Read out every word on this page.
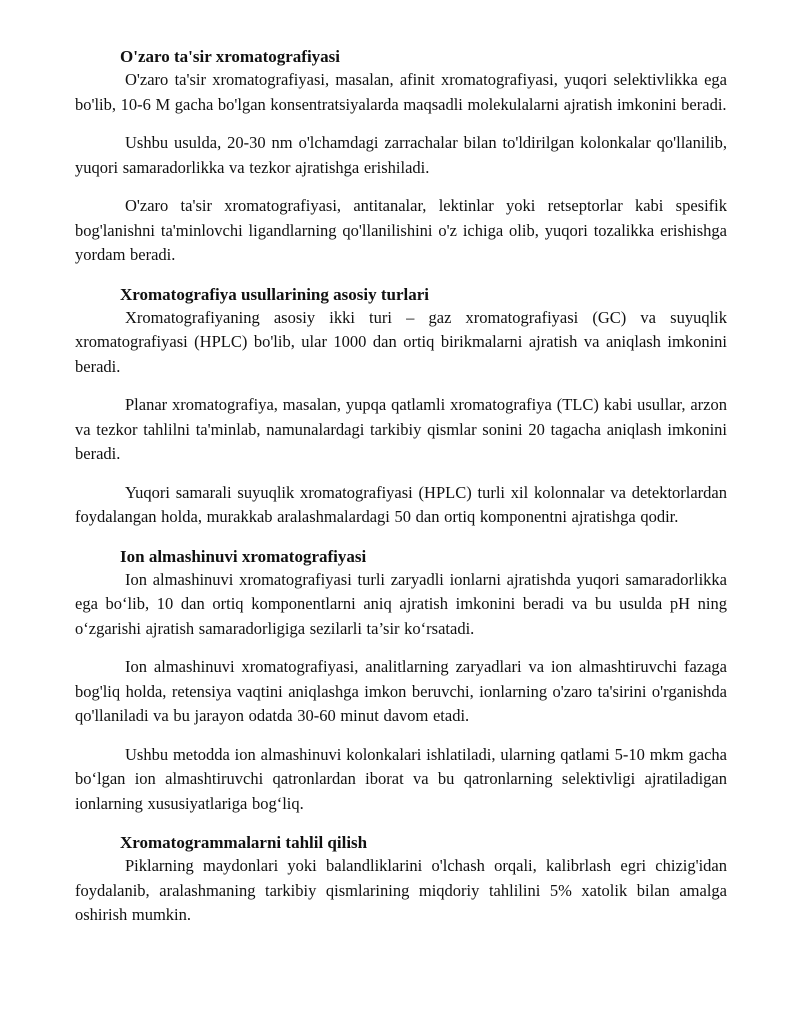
O'zaro ta'sir xromatografiyasi

O'zaro ta'sir xromatografiyasi, masalan, afinit xromatografiyasi, yuqori selektivlikka ega bo'lib, 10-6 M gacha bo'lgan konsentratsiyalarda maqsadli molekulalarni ajratish imkonini beradi.

Ushbu usulda, 20-30 nm o'lchamdagi zarrachalar bilan to'ldirilgan kolonkalar qo'llanilib, yuqori samaradorlikka va tezkor ajratishga erishiladi.

O'zaro ta'sir xromatografiyasi, antitanalar, lektinlar yoki retseptorlar kabi spesifik bog'lanishni ta'minlovchi ligandlarning qo'llanilishini o'z ichiga olib, yuqori tozalikka erishishga yordam beradi.

Xromatografiya usullarining asosiy turlari

Xromatografiyaning asosiy ikki turi – gaz xromatografiyasi (GC) va suyuqlik xromatografiyasi (HPLC) bo'lib, ular 1000 dan ortiq birikmalarni ajratish va aniqlash imkonini beradi.

Planar xromatografiya, masalan, yupqa qatlamli xromatografiya (TLC) kabi usullar, arzon va tezkor tahlilni ta'minlab, namunalardagi tarkibiy qismlar sonini 20 tagacha aniqlash imkonini beradi.

Yuqori samarali suyuqlik xromatografiyasi (HPLC) turli xil kolonnalar va detektorlardan foydalangan holda, murakkab aralashmalardagi 50 dan ortiq komponentni ajratishga qodir.

Ion almashinuvi xromatografiyasi

Ion almashinuvi xromatografiyasi turli zaryadli ionlarni ajratishda yuqori samaradorlikka ega bo‘lib, 10 dan ortiq komponentlarni aniq ajratish imkonini beradi va bu usulda pH ning o‘zgarishi ajratish samaradorligiga sezilarli ta’sir ko‘rsatadi.

Ion almashinuvi xromatografiyasi, analitlarning zaryadlari va ion almashtiruvchi fazaga bog'liq holda, retensiya vaqtini aniqlashga imkon beruvchi, ionlarning o'zaro ta'sirini o'rganishda qo'llaniladi va bu jarayon odatda 30-60 minut davom etadi.

Ushbu metodda ion almashinuvi kolonkalari ishlatiladi, ularning qatlami 5-10 mkm gacha bo‘lgan ion almashtiruvchi qatronlardan iborat va bu qatronlarning selektivligi ajratiladigan ionlarning xususiyatlariga bog‘liq.

Xromatogrammalarni tahlil qilish

Piklarning maydonlari yoki balandliklarini o'lchash orqali, kalibrlash egri chizig'idan foydalanib, aralashmaning tarkibiy qismlarining miqdoriy tahlilini 5% xatolik bilan amalga oshirish mumkin.
